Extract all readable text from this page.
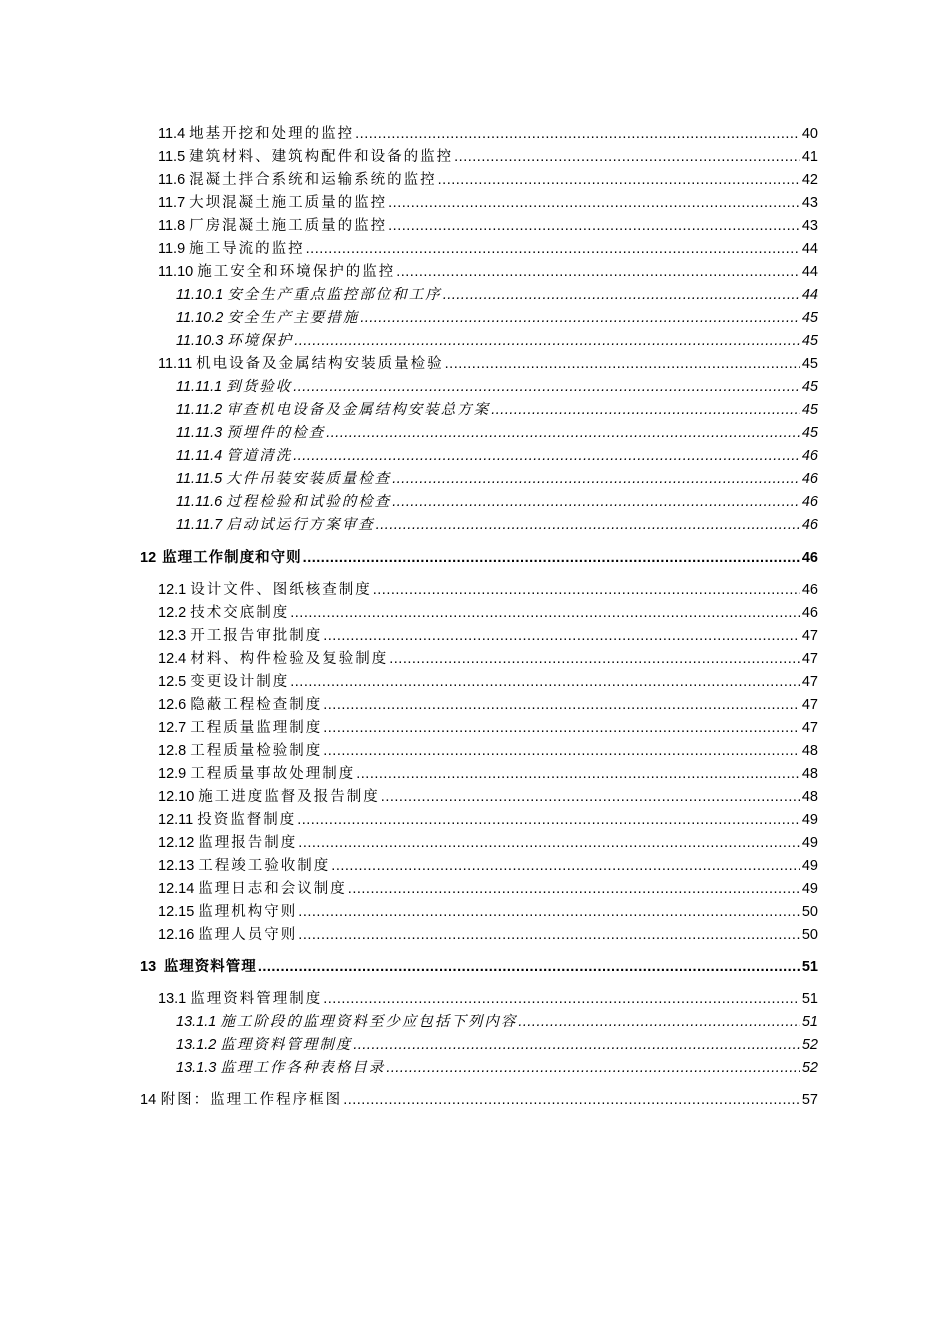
11.4 地基开挖和处理的监控 .....	40
11.5 建筑材料、建筑构配件和设备的监控 .....	41
11.6 混凝土拌合系统和运输系统的监控 .....	42
11.7 大坝混凝土施工质量的监控 .....	43
11.8 厂房混凝土施工质量的监控 .....	43
11.9 施工导流的监控 .....	44
11.10 施工安全和环境保护的监控 .....	44
11.10.1 安全生产重点监控部位和工序 .....	44
11.10.2 安全生产主要措施 .....	45
11.10.3 环境保护 .....	45
11.11 机电设备及金属结构安装质量检验 .....	45
11.11.1 到货验收 .....	45
11.11.2 审查机电设备及金属结构安装总方案 .....	45
11.11.3 预埋件的检查 .....	45
11.11.4 管道清洗 .....	46
11.11.5 大件吊装安装质量检查 .....	46
11.11.6 过程检验和试验的检查 .....	46
11.11.7 启动试运行方案审查 .....	46
12 监理工作制度和守则 .....	46
12.1 设计文件、图纸核查制度 .....	46
12.2 技术交底制度 .....	46
12.3 开工报告审批制度 .....	47
12.4 材料、构件检验及复验制度 .....	47
12.5 变更设计制度 .....	47
12.6 隐蔽工程检查制度 .....	47
12.7 工程质量监理制度 .....	47
12.8 工程质量检验制度 .....	48
12.9 工程质量事故处理制度 .....	48
12.10 施工进度监督及报告制度 .....	48
12.11 投资监督制度 .....	49
12.12 监理报告制度 .....	49
12.13 工程竣工验收制度 .....	49
12.14 监理日志和会议制度 .....	49
12.15 监理机构守则 .....	50
12.16 监理人员守则 .....	50
13 监理资料管理 .....	51
13.1 监理资料管理制度 .....	51
13.1.1 施工阶段的监理资料至少应包括下列内容 .....	51
13.1.2 监理资料管理制度 .....	52
13.1.3 监理工作各种表格目录 .....	52
14 附图：监理工作程序框图 .....	57
